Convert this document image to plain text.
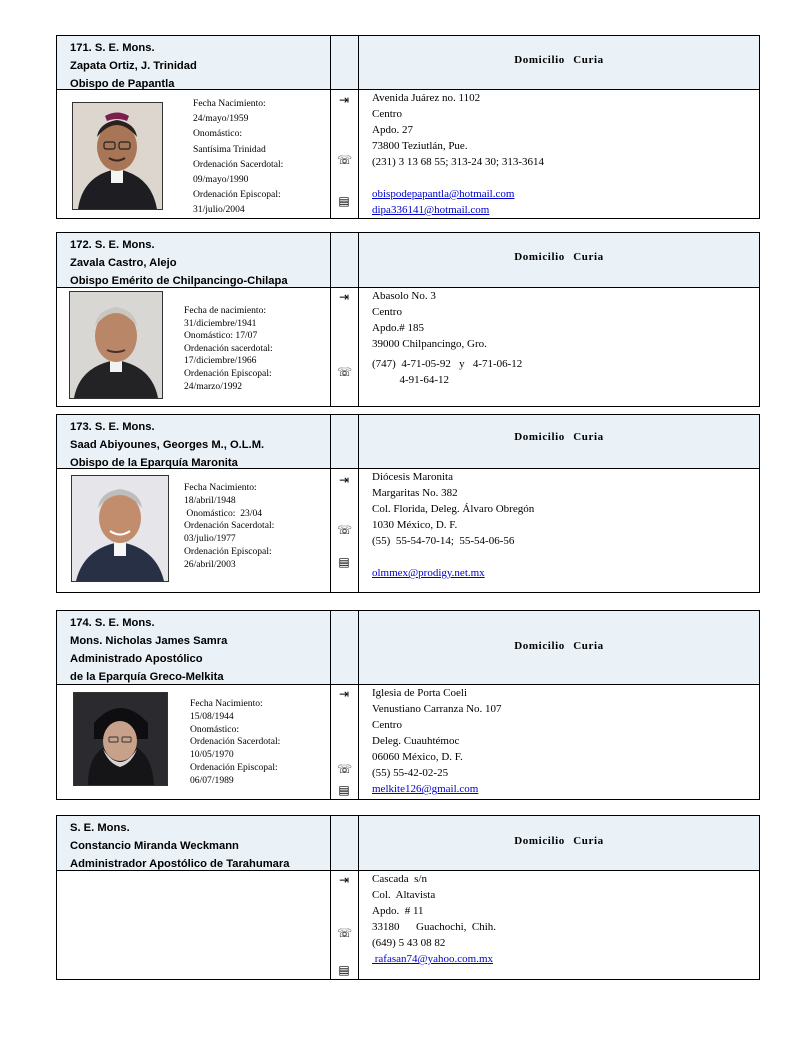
171. S. E. Mons.
Zapata Ortiz, J. Trinidad
Obispo de Papantla
Domicilio Curia
Fecha Nacimiento:
24/mayo/1959
Onomástico:
Santísima Trinidad
Ordenación Sacerdotal:
09/mayo/1990
Ordenación Episcopal:
31/julio/2004
⇥
☏
▤
Avenida Juárez no. 1102
Centro
Apdo. 27
73800 Teziutlán, Pue.
(231) 3 13 68 55; 313-24 30; 313-3614
obispodepapantla@hotmail.com
dipa336141@hotmail.com
172. S. E. Mons.
Zavala Castro, Alejo
Obispo Emérito de Chilpancingo-Chilapa
Domicilio Curia
Fecha de nacimiento:
31/diciembre/1941
Onomástico: 17/07
Ordenación sacerdotal:
17/diciembre/1966
Ordenación Episcopal:
24/marzo/1992
⇥
☏
Abasolo No. 3
Centro
Apdo.# 185
39000 Chilpancingo, Gro.
(747)  4-71-05-92   y   4-71-06-12
4-91-64-12
173. S. E. Mons.
Saad Abiyounes, Georges M., O.L.M.
Obispo de la Eparquía Maronita
Domicilio Curia
Fecha Nacimiento:
18/abril/1948
Onomástico:  23/04
Ordenación Sacerdotal:
03/julio/1977
Ordenación Episcopal:
26/abril/2003
⇥
☏
▤
Diócesis Maronita
Margaritas No. 382
Col. Florida, Deleg. Álvaro Obregón
1030 México, D. F.
(55)  55-54-70-14;  55-54-06-56
olmmex@prodigy.net.mx
174. S. E. Mons.
Mons. Nicholas James Samra
Administrado Apostólico
de la Eparquía Greco-Melkita
Domicilio Curia
Fecha Nacimiento:
15/08/1944
Onomástico:
Ordenación Sacerdotal:
10/05/1970
Ordenación Episcopal:
06/07/1989
⇥
☏
▤
Iglesia de Porta Coeli
Venustiano Carranza No. 107
Centro
Deleg. Cuauhtémoc
06060 México, D. F.
(55) 55-42-02-25
melkite126@gmail.com
S. E. Mons.
Constancio Miranda Weckmann
Administrador Apostólico de Tarahumara
Domicilio Curia
⇥
☏
▤
Cascada  s/n
Col.  Altavista
Apdo.  # 11
33180      Guachochi,  Chih.
(649) 5 43 08 82
rafasan74@yahoo.com.mx
